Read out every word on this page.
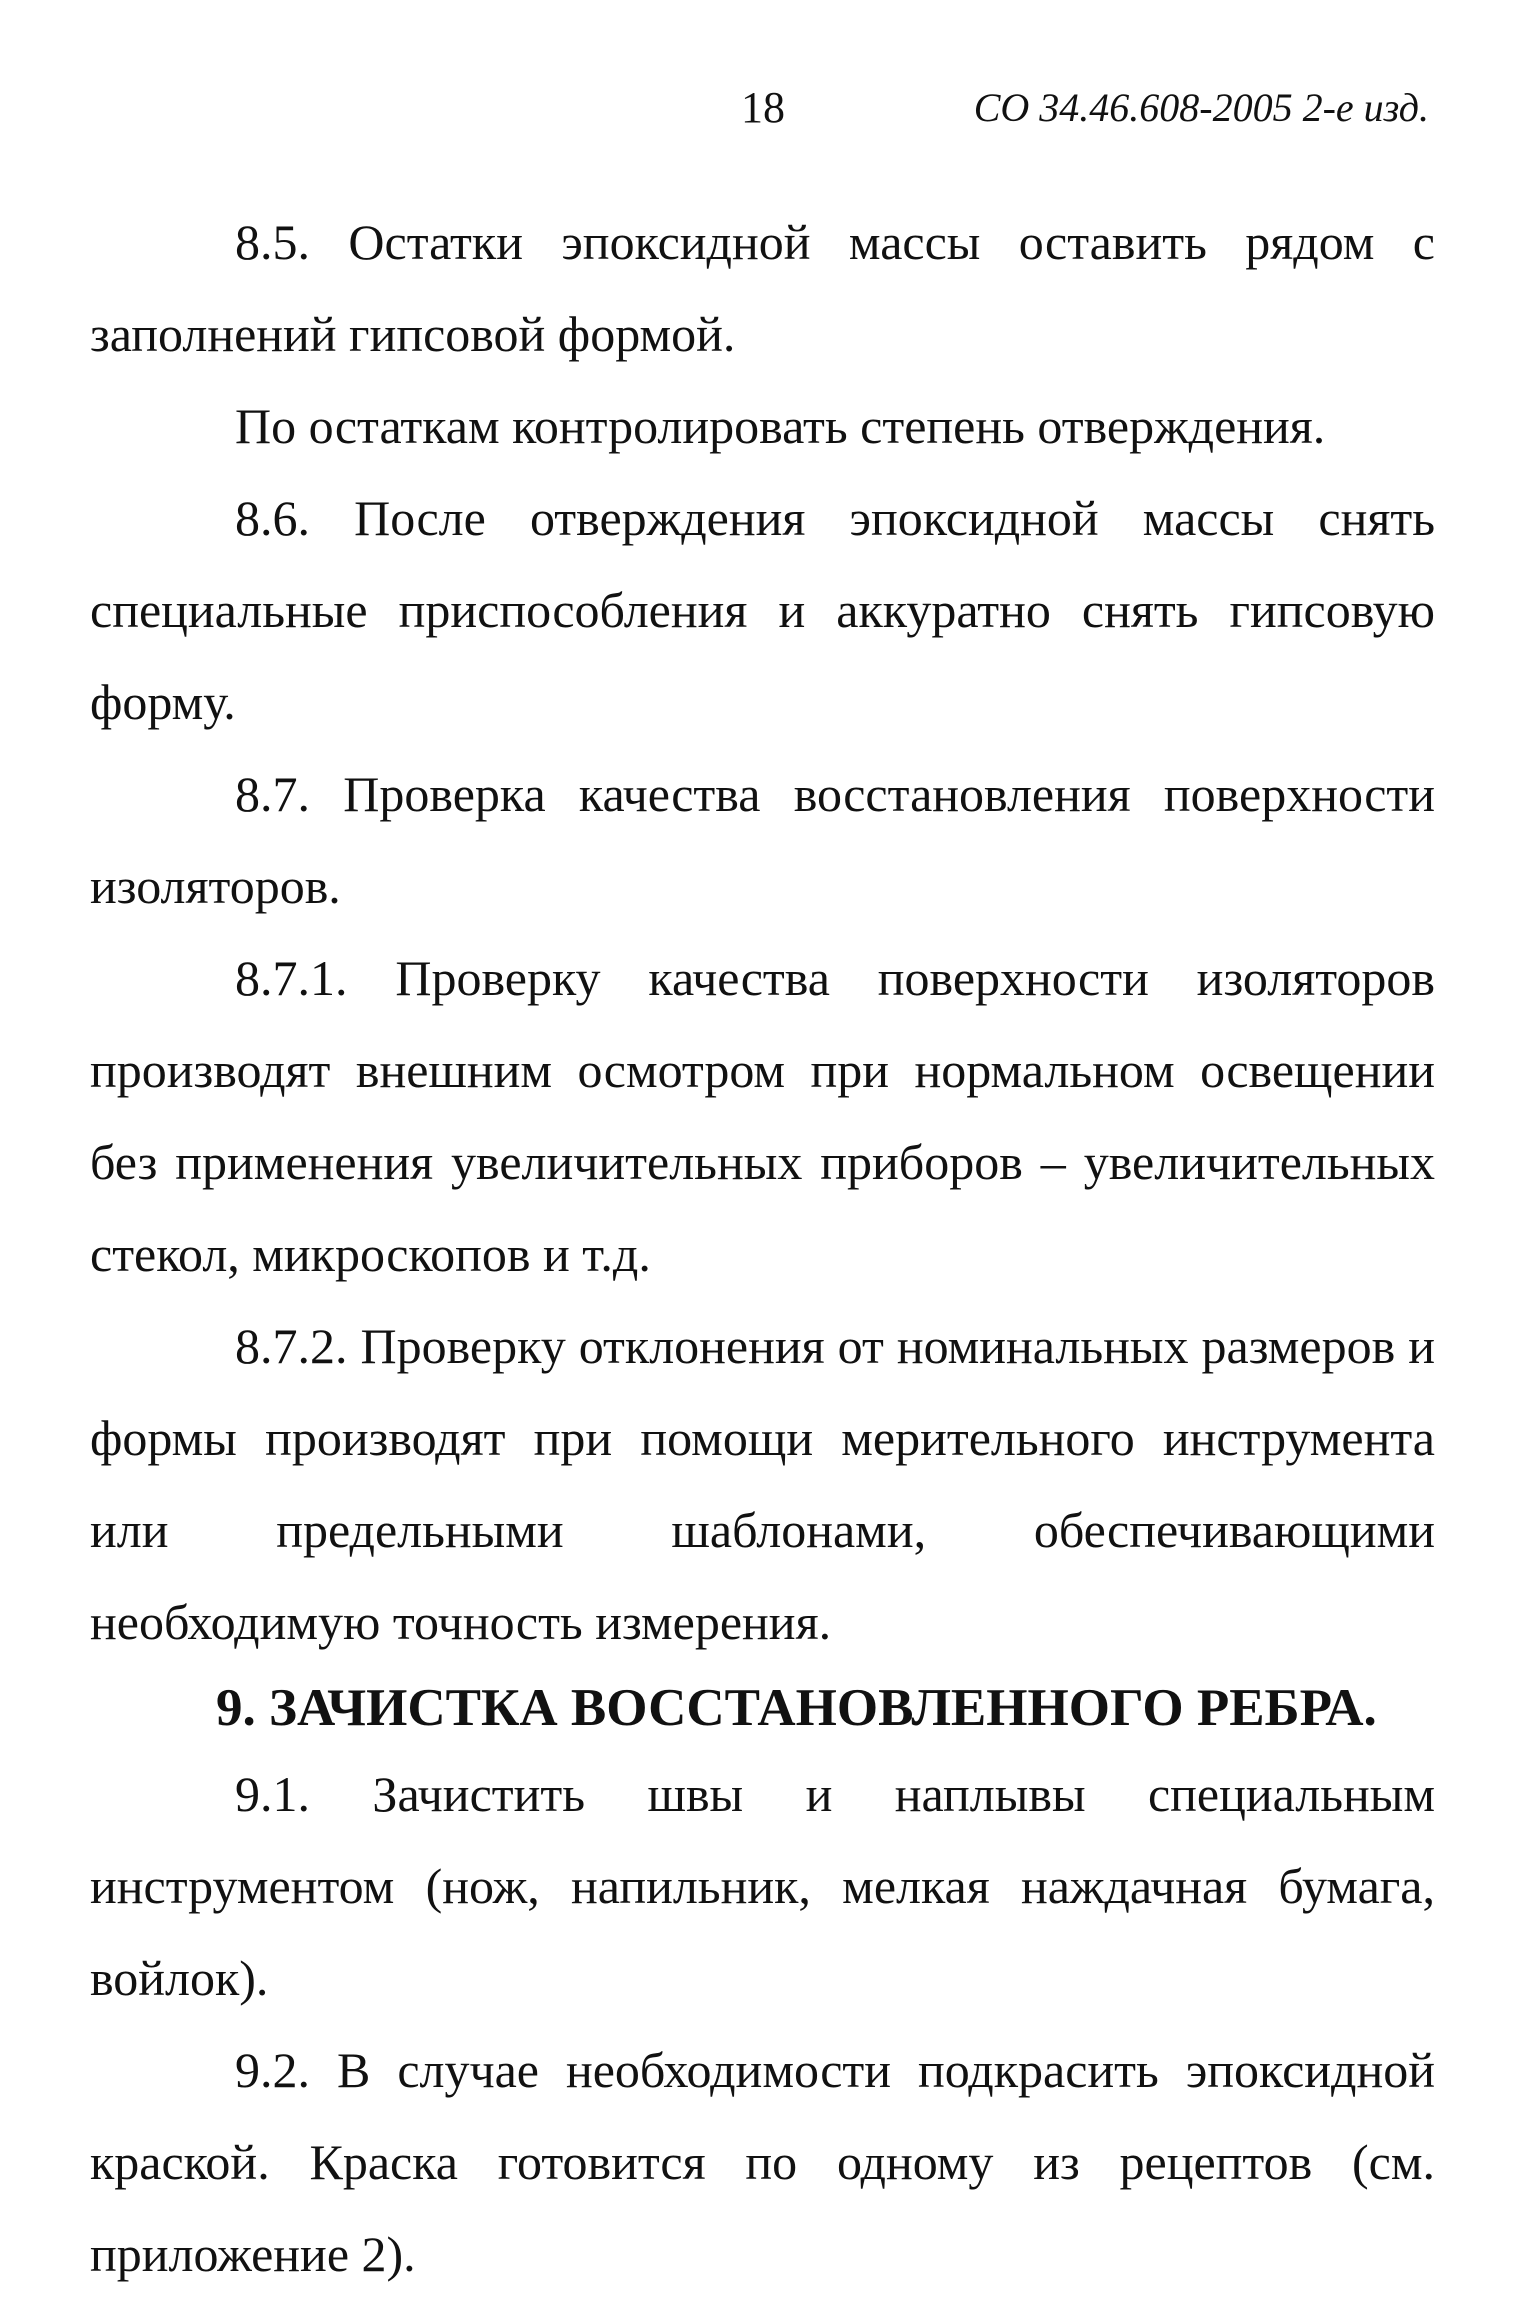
18	СО 34.46.608-2005 2-е изд.

8.5. Остатки эпоксидной массы оставить рядом с заполнений гипсовой формой.

По остаткам контролировать степень отверждения.

8.6. После отверждения эпоксидной массы снять специальные приспособления и аккуратно снять гипсовую форму.

8.7. Проверка качества восстановления поверхности изоляторов.

8.7.1. Проверку качества поверхности изоляторов производят внешним осмотром при нормальном освещении без применения увеличительных приборов – увеличительных стекол, микроскопов и т.д.

8.7.2. Проверку отклонения от номинальных размеров и формы производят при помощи мерительного инструмента или предельными шаблонами, обеспечивающими необходимую точность измерения.

9. ЗАЧИСТКА ВОССТАНОВЛЕННОГО РЕБРА.

9.1. Зачистить швы и наплывы специальным инструментом (нож, напильник, мелкая наждачная бумага, войлок).

9.2. В случае необходимости подкрасить эпоксидной краской. Краска готовится по одному из рецептов (см. приложение 2).
